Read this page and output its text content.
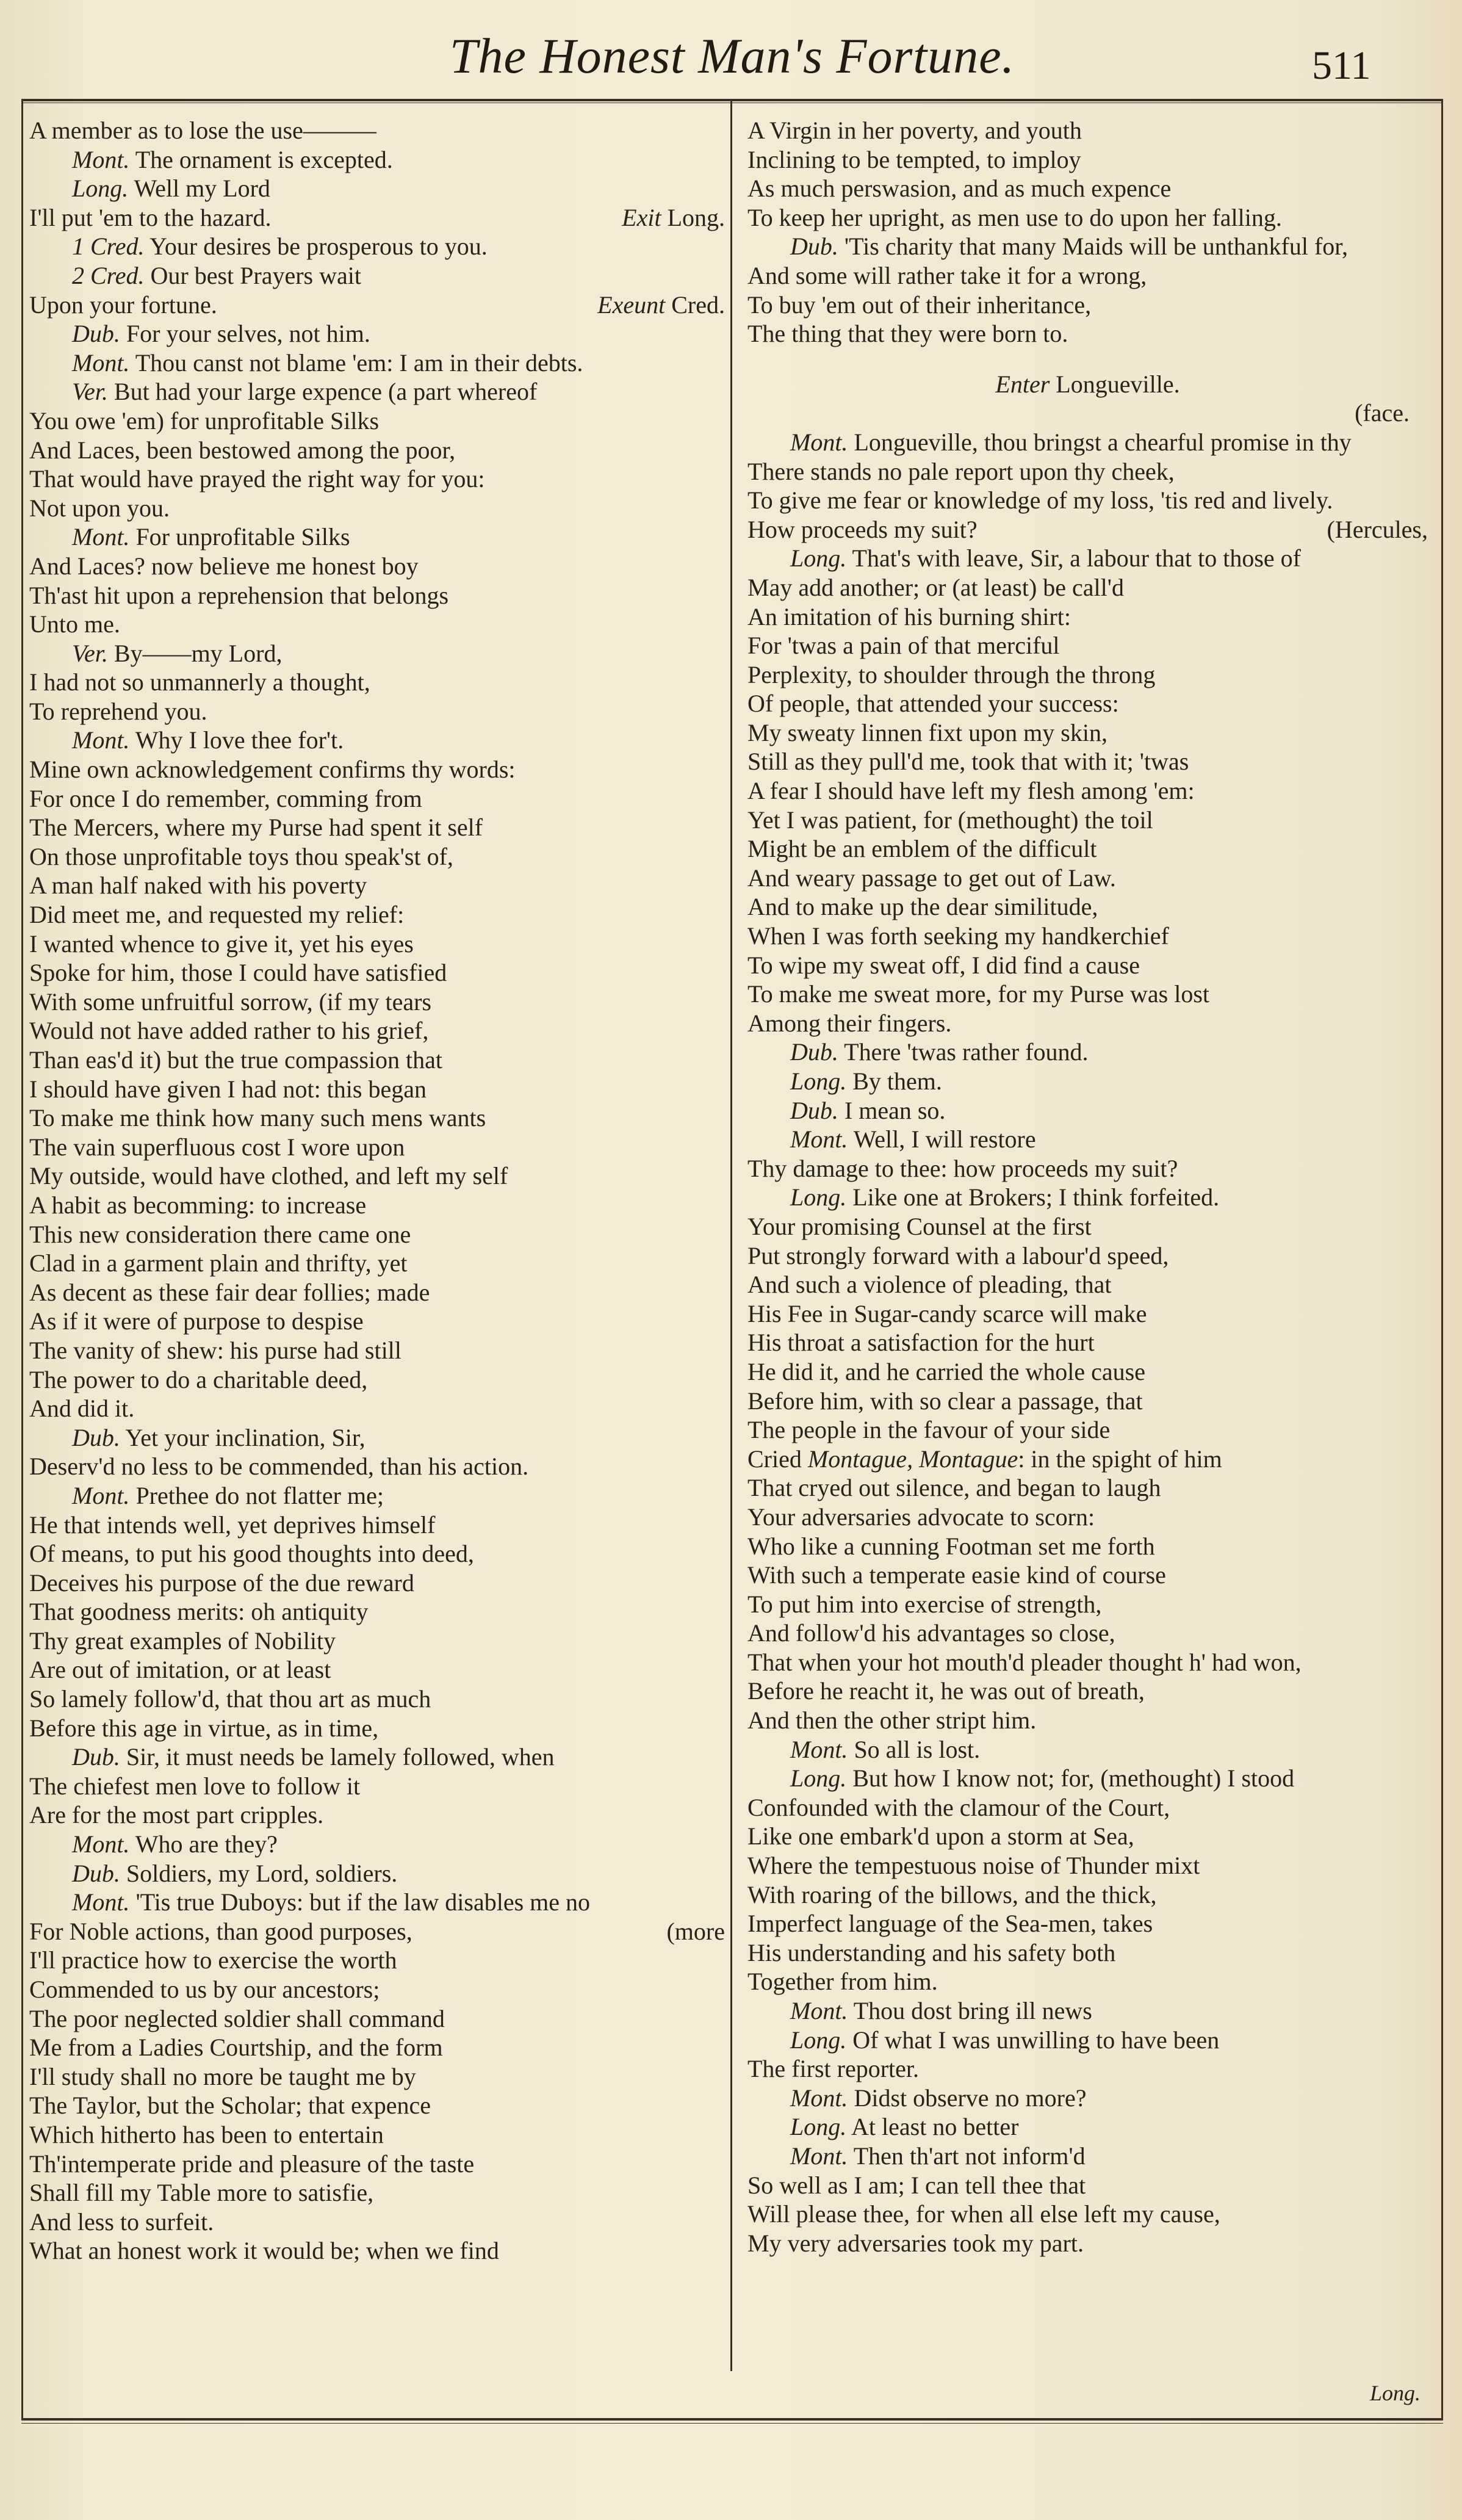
The Honest Man's Fortune.	511
A member as to lose the use———
Mont. The ornament is excepted.
Long. Well my Lord
I'll put 'em to the hazard.	Exit Long.
1 Cred. Your desires be prosperous to you.
2 Cred. Our best Prayers wait
Upon your fortune.	Exeunt Cred.
Dub. For your selves, not him.
Mont. Thou canst not blame 'em: I am in their debts.
Ver. But had your large expence (a part whereof
You owe 'em) for unprofitable Silks
And Laces, been bestowed among the poor,
That would have prayed the right way for you:
Not upon you.
Mont. For unprofitable Silks
And Laces? now believe me honest boy
Th'ast hit upon a reprehension that belongs
Unto me.
Ver. By——my Lord,
I had not so unmannerly a thought,
To reprehend you.
Mont. Why I love thee for't.
Mine own acknowledgement confirms thy words:
For once I do remember, comming from
The Mercers, where my Purse had spent it self
On those unprofitable toys thou speak'st of,
A man half naked with his poverty
Did meet me, and requested my relief:
I wanted whence to give it, yet his eyes
Spoke for him, those I could have satisfied
With some unfruitful sorrow, (if my tears
Would not have added rather to his grief,
Than eas'd it) but the true compassion that
I should have given I had not: this began
To make me think how many such mens wants
The vain superfluous cost I wore upon
My outside, would have clothed, and left my self
A habit as becomming: to increase
This new consideration there came one
Clad in a garment plain and thrifty, yet
As decent as these fair dear follies; made
As if it were of purpose to despise
The vanity of shew: his purse had still
The power to do a charitable deed,
And did it.
Dub. Yet your inclination, Sir,
Deserv'd no less to be commended, than his action.
Mont. Prethee do not flatter me;
He that intends well, yet deprives himself
Of means, to put his good thoughts into deed,
Deceives his purpose of the due reward
That goodness merits: oh antiquity
Thy great examples of Nobility
Are out of imitation, or at least
So lamely follow'd, that thou art as much
Before this age in virtue, as in time,
Dub. Sir, it must needs be lamely followed, when
The chiefest men love to follow it
Are for the most part cripples.
Mont. Who are they?
Dub. Soldiers, my Lord, soldiers.
Mont. 'Tis true Duboys: but if the law disables me no
For Noble actions, than good purposes,	(more
I'll practice how to exercise the worth
Commended to us by our ancestors;
The poor neglected soldier shall command
Me from a Ladies Courtship, and the form
I'll study shall no more be taught me by
The Taylor, but the Scholar; that expence
Which hitherto has been to entertain
Th'intemperate pride and pleasure of the taste
Shall fill my Table more to satisfie,
And less to surfeit.
What an honest work it would be; when we find
A Virgin in her poverty, and youth
Inclining to be tempted, to imploy
As much perswasion, and as much expence
To keep her upright, as men use to do upon her falling.
Dub. 'Tis charity that many Maids will be unthankful for,
And some will rather take it for a wrong,
To buy 'em out of their inheritance,
The thing that they were born to.
Enter Longueville.
(face.
Mont. Longueville, thou bringst a chearful promise in thy
There stands no pale report upon thy cheek,
To give me fear or knowledge of my loss, 'tis red and lively.
How proceeds my suit?	(Hercules,
Long. That's with leave, Sir, a labour that to those of
May add another; or (at least) be call'd
An imitation of his burning shirt:
For 'twas a pain of that merciful
Perplexity, to shoulder through the throng
Of people, that attended your success:
My sweaty linnen fixt upon my skin,
Still as they pull'd me, took that with it; 'twas
A fear I should have left my flesh among 'em:
Yet I was patient, for (methought) the toil
Might be an emblem of the difficult
And weary passage to get out of Law.
And to make up the dear similitude,
When I was forth seeking my handkerchief
To wipe my sweat off, I did find a cause
To make me sweat more, for my Purse was lost
Among their fingers.
Dub. There 'twas rather found.
Long. By them.
Dub. I mean so.
Mont. Well, I will restore
Thy damage to thee: how proceeds my suit?
Long. Like one at Brokers; I think forfeited.
Your promising Counsel at the first
Put strongly forward with a labour'd speed,
And such a violence of pleading, that
His Fee in Sugar-candy scarce will make
His throat a satisfaction for the hurt
He did it, and he carried the whole cause
Before him, with so clear a passage, that
The people in the favour of your side
Cried Montague, Montague: in the spight of him
That cryed out silence, and began to laugh
Your adversaries advocate to scorn:
Who like a cunning Footman set me forth
With such a temperate easie kind of course
To put him into exercise of strength,
And follow'd his advantages so close,
That when your hot mouth'd pleader thought h' had won,
Before he reacht it, he was out of breath,
And then the other stript him.
Mont. So all is lost.
Long. But how I know not; for, (methought) I stood
Confounded with the clamour of the Court,
Like one embark'd upon a storm at Sea,
Where the tempestuous noise of Thunder mixt
With roaring of the billows, and the thick,
Imperfect language of the Sea-men, takes
His understanding and his safety both
Together from him.
Mont. Thou dost bring ill news
Long. Of what I was unwilling to have been
The first reporter.
Mont. Didst observe no more?
Long. At least no better
Mont. Then th'art not inform'd
So well as I am; I can tell thee that
Will please thee, for when all else left my cause,
My very adversaries took my part.
Long.
